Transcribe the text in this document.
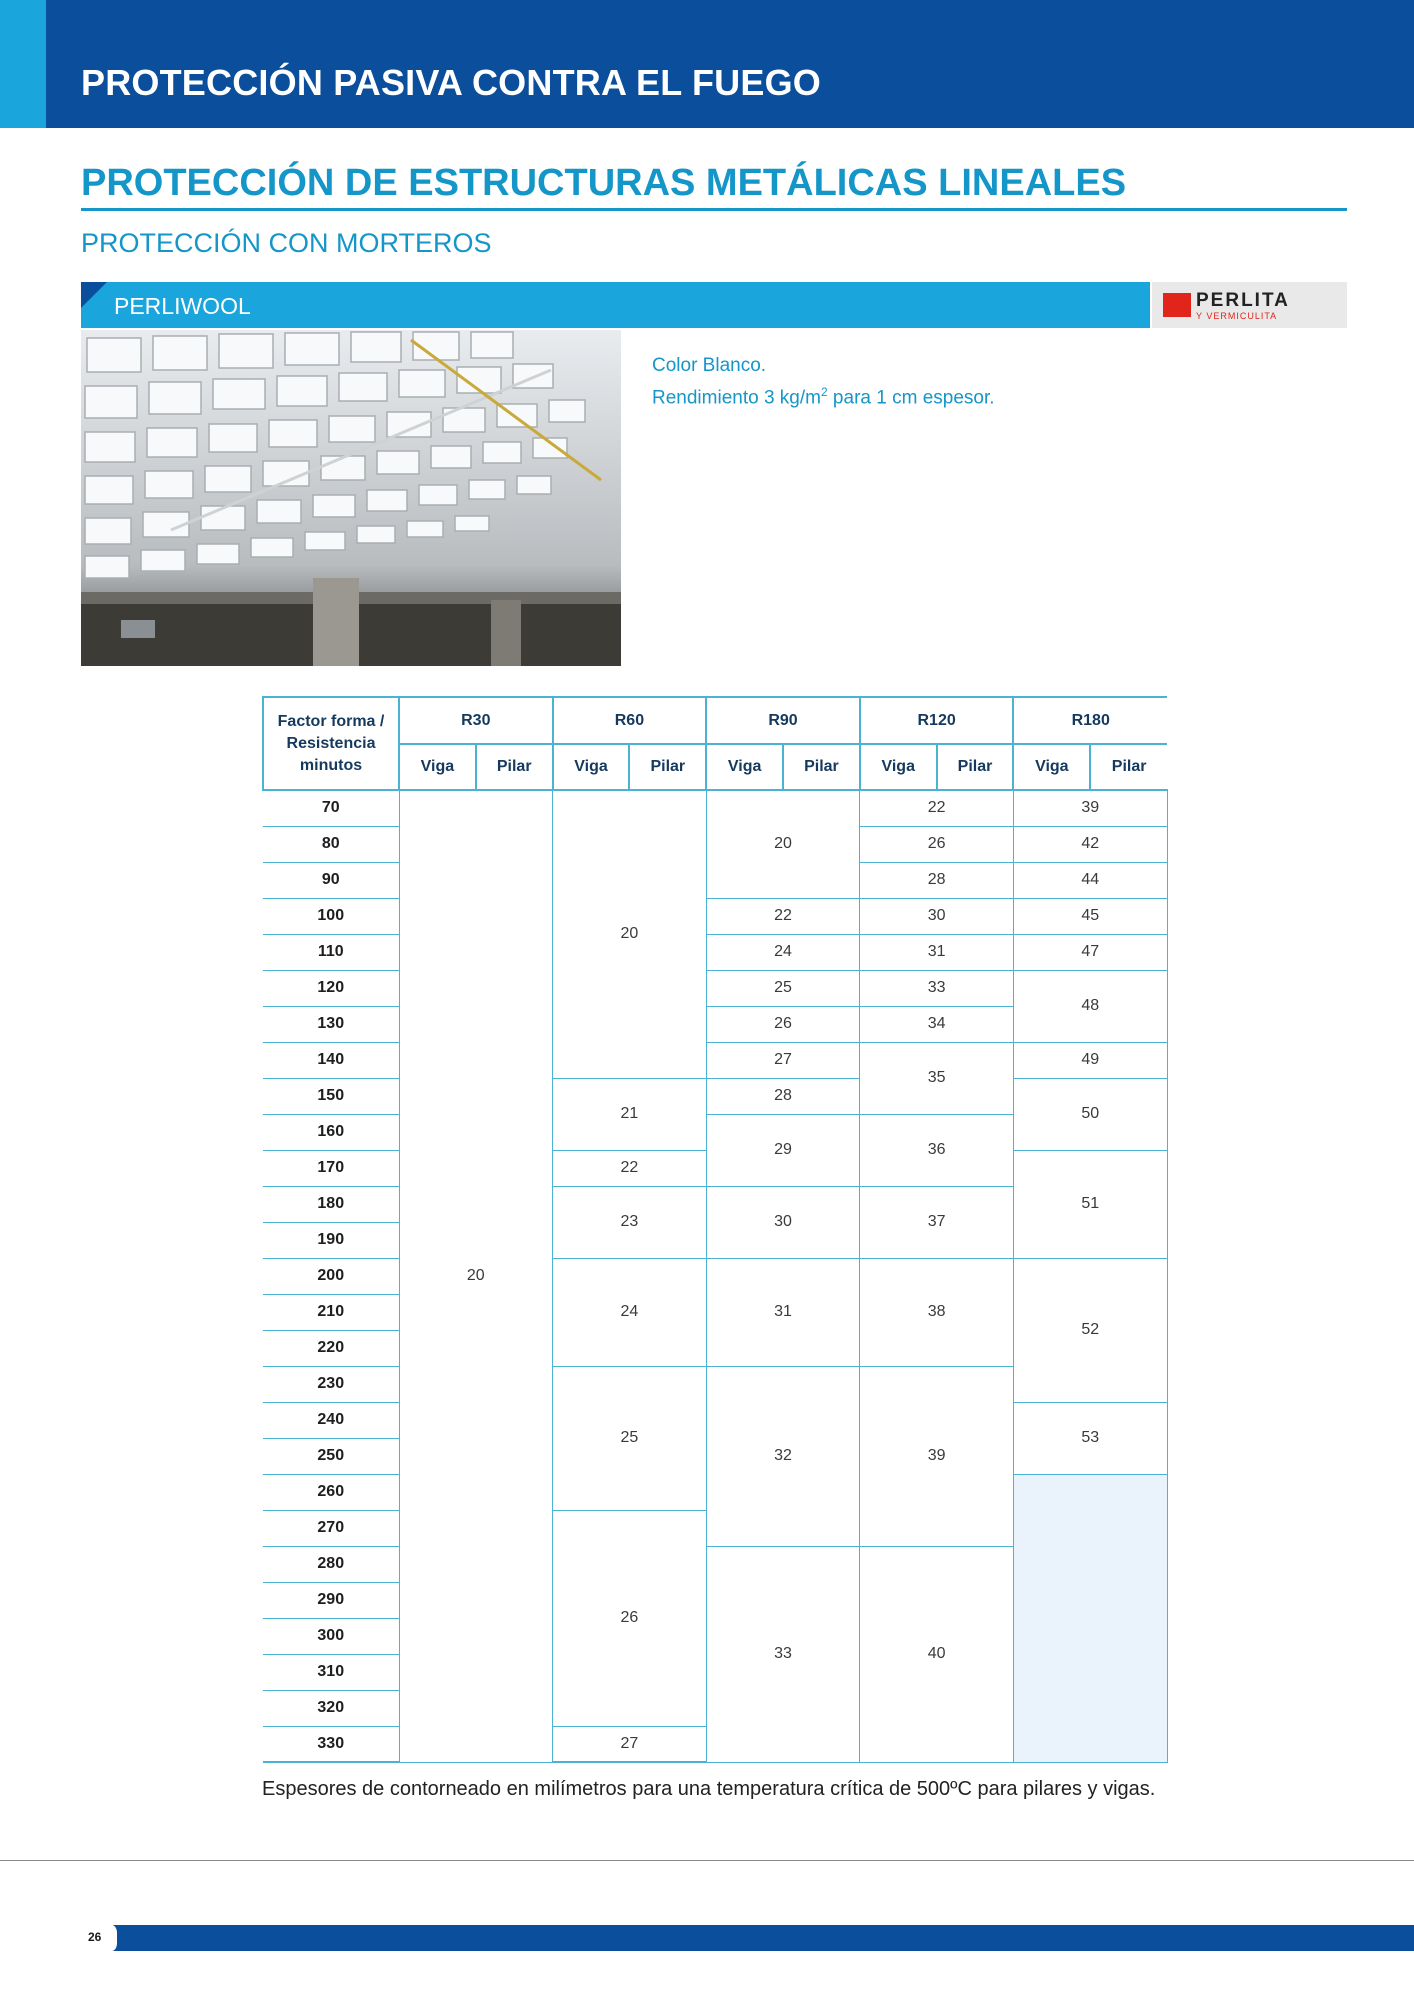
PROTECCIÓN PASIVA CONTRA EL FUEGO
PROTECCIÓN DE ESTRUCTURAS METÁLICAS LINEALES
PROTECCIÓN CON MORTEROS
PERLIWOOL	PERLITA
Y VERMICULITA
Color Blanco.
Rendimiento 3 $kg/m^2$ para 1 cm espesor.
Factor forma /
Resistencia
minutos	R30		R60		R90		R120		R180	
	Viga	Pilar	Viga	Pilar	Viga	Pilar	Viga	Pilar	Viga	Pilar
70	20		20		20		22		39	
80							26		42	
90							28		44	
100					22		30		45	
110					24		31		47	
120					25		33		48	
130					26		34			
140					27		35		49	
150			21		28				50	
160					29		36			
170			22						51	
180			23		30		37			
190										
200			24		31		38		52	
210										
220										
230			25		32		39			
240									53	
250										
260										
270			26							
280					33		40			
290										
300										
310										
320										
330			27							
Espesores de contorneado en milímetros para una temperatura crítica de 500ºC para pilares y vigas.
26
